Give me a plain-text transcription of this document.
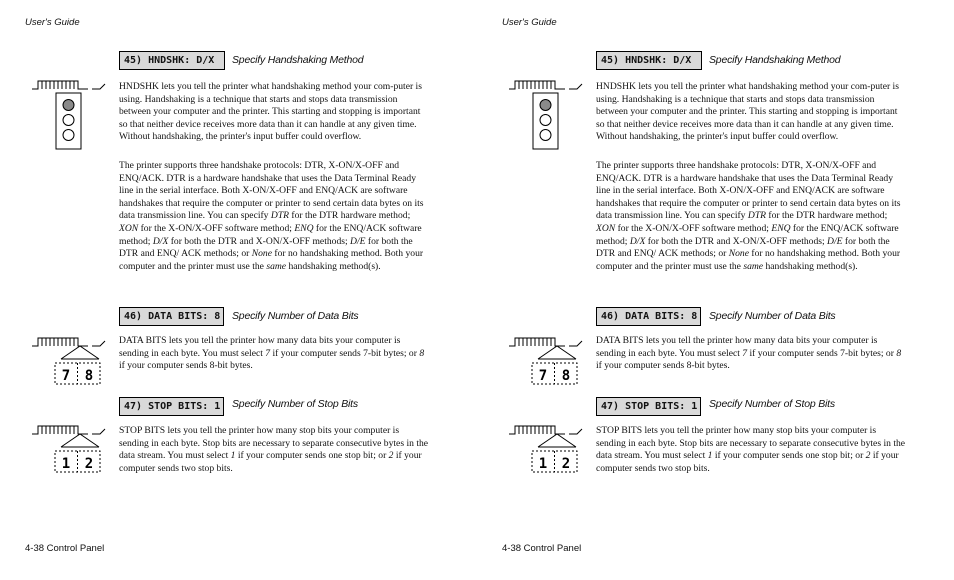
User's Guide
45) HNDSHK: D/X	Specify Handshaking Method

HNDSHK lets you tell the printer what handshaking method your com-puter is using. Handshaking is a technique that starts and stops data transmission between your computer and the printer. This starting and stopping is important so that neither device receives more data than it can handle at any given time. Without handshaking, the printer's input buffer could overflow.

The printer supports three handshake protocols: DTR, X-ON/X-OFF and ENQ/ACK. DTR is a hardware handshake that uses the Data Terminal Ready line in the serial interface. Both X-ON/X-OFF and ENQ/ACK are software handshakes that require the computer or printer to send certain data bytes on its data transmission line. You can specify DTR for the DTR hardware method; XON for the X-ON/X-OFF software method; ENQ for the ENQ/ACK software method; D/X for both the DTR and X-ON/X-OFF methods; D/E for both the DTR and ENQ/ ACK methods; or None for no handshaking method. Both your computer and the printer must use the same handshaking method(s).

46) DATA BITS: 8	Specify Number of Data Bits
7 8

DATA BITS lets you tell the printer how many data bits your computer is sending in each byte. You must select 7 if your computer sends 7-bit bytes; or 8 if your computer sends 8-bit bytes.

47) STOP BITS: 1	Specify Number of Stop Bits
1 2

STOP BITS lets you tell the printer how many stop bits your computer is sending in each byte. Stop bits are necessary to separate consecutive bytes in the data stream. You must select 1 if your computer sends one stop bit; or 2 if your computer sends two stop bits.

4-38 Control Panel
User's Guide
45) HNDSHK: D/X	Specify Handshaking Method

HNDSHK lets you tell the printer what handshaking method your com-puter is using. Handshaking is a technique that starts and stops data transmission between your computer and the printer. This starting and stopping is important so that neither device receives more data than it can handle at any given time. Without handshaking, the printer's input buffer could overflow.

The printer supports three handshake protocols: DTR, X-ON/X-OFF and ENQ/ACK. DTR is a hardware handshake that uses the Data Terminal Ready line in the serial interface. Both X-ON/X-OFF and ENQ/ACK are software handshakes that require the computer or printer to send certain data bytes on its data transmission line. You can specify DTR for the DTR hardware method; XON for the X-ON/X-OFF software method; ENQ for the ENQ/ACK software method; D/X for both the DTR and X-ON/X-OFF methods; D/E for both the DTR and ENQ/ ACK methods; or None for no handshaking method. Both your computer and the printer must use the same handshaking method(s).

46) DATA BITS: 8	Specify Number of Data Bits
7 8

DATA BITS lets you tell the printer how many data bits your computer is sending in each byte. You must select 7 if your computer sends 7-bit bytes; or 8 if your computer sends 8-bit bytes.

47) STOP BITS: 1	Specify Number of Stop Bits
1 2

STOP BITS lets you tell the printer how many stop bits your computer is sending in each byte. Stop bits are necessary to separate consecutive bytes in the data stream. You must select 1 if your computer sends one stop bit; or 2 if your computer sends two stop bits.

4-38 Control Panel
